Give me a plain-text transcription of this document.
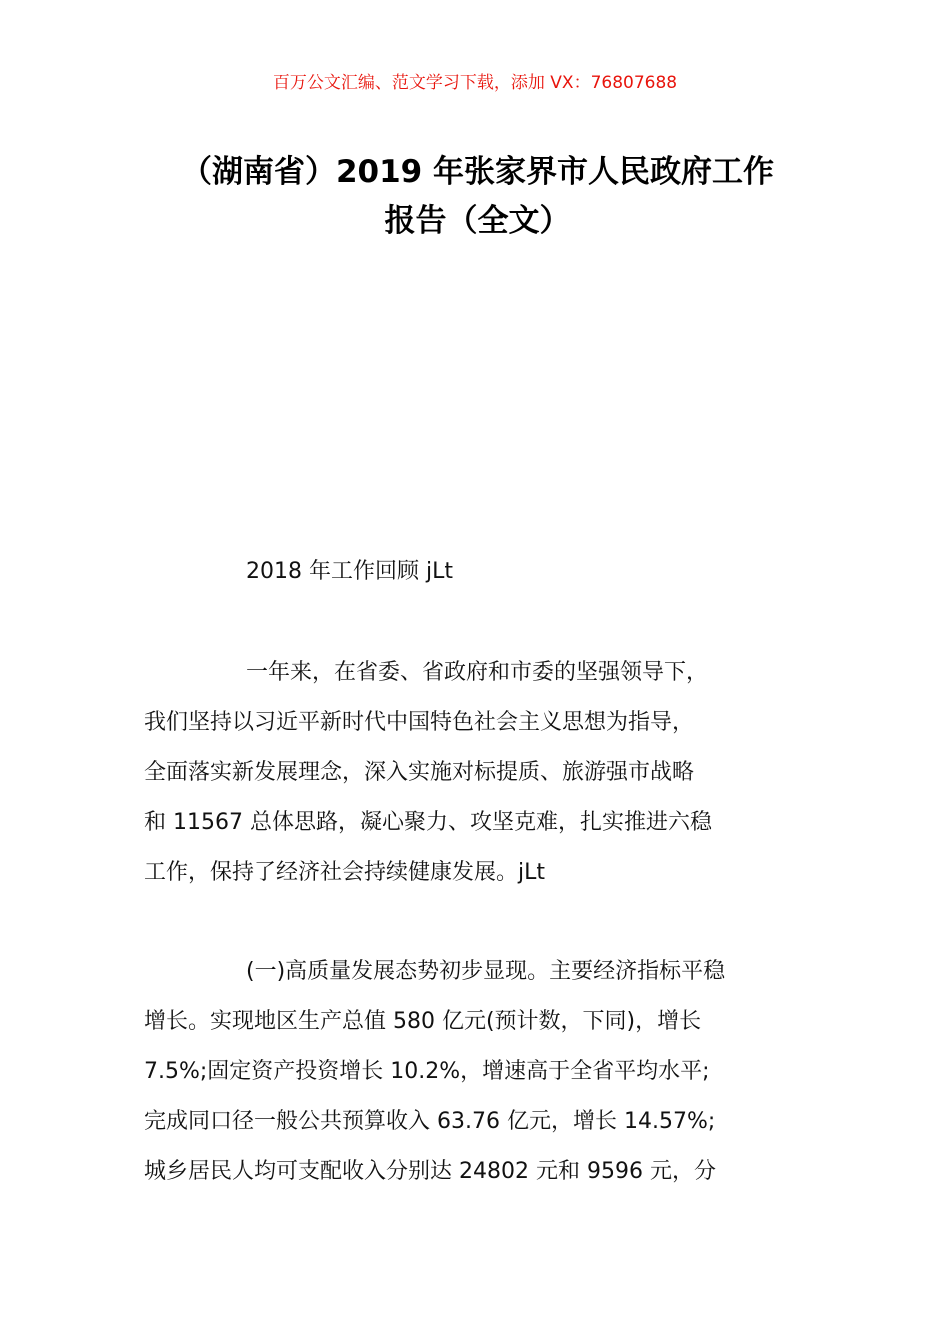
百万公文汇编、范文学习下载，添加 VX：76807688
（湖南省）2019 年张家界市人民政府工作
报告（全文）
2018 年工作回顾 jLt
一年来，在省委、省政府和市委的坚强领导下，
我们坚持以习近平新时代中国特色社会主义思想为指导，
全面落实新发展理念，深入实施对标提质、旅游强市战略
和 11567 总体思路，凝心聚力、攻坚克难，扎实推进六稳
工作，保持了经济社会持续健康发展。jLt
(一)高质量发展态势初步显现。主要经济指标平稳
增长。实现地区生产总值 580 亿元(预计数，下同)，增长
7.5%;固定资产投资增长 10.2%，增速高于全省平均水平;
完成同口径一般公共预算收入 63.76 亿元，增长 14.57%;
城乡居民人均可支配收入分别达 24802 元和 9596 元，分
